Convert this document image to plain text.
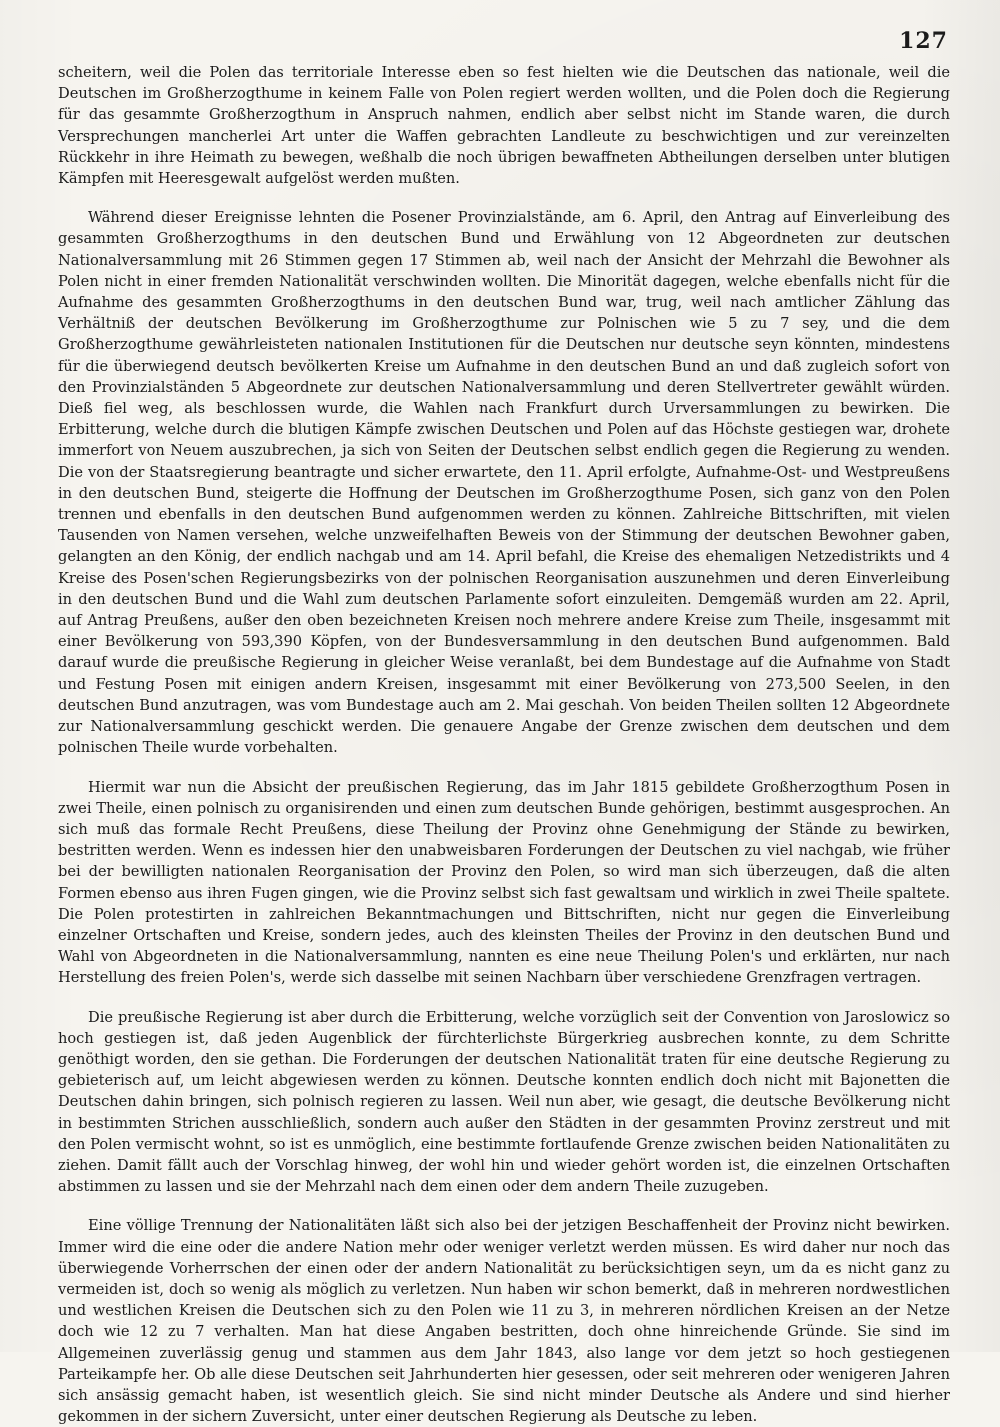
127

scheitern, weil die Polen das territoriale Interesse eben so fest hielten wie die Deutschen das nationale, weil die Deutschen im Großherzogthume in keinem Falle von Polen regiert werden wollten, und die Polen doch die Regierung für das gesammte Großherzogthum in Anspruch nahmen, endlich aber selbst nicht im Stande waren, die durch Versprechungen mancherlei Art unter die Waffen gebrachten Landleute zu beschwichtigen und zur vereinzelten Rückkehr in ihre Heimath zu bewegen, weßhalb die noch übrigen bewaffneten Abtheilungen derselben unter blutigen Kämpfen mit Heeresgewalt aufgelöst werden mußten.

Während dieser Ereignisse lehnten die Posener Provinzialstände, am 6. April, den Antrag auf Einverleibung des gesammten Großherzogthums in den deutschen Bund und Erwählung von 12 Abgeordneten zur deutschen Nationalversammlung mit 26 Stimmen gegen 17 Stimmen ab, weil nach der Ansicht der Mehrzahl die Bewohner als Polen nicht in einer fremden Nationalität verschwinden wollten. Die Minorität dagegen, welche ebenfalls nicht für die Aufnahme des gesammten Großherzogthums in den deutschen Bund war, trug, weil nach amtlicher Zählung das Verhältniß der deutschen Bevölkerung im Großherzogthume zur Polnischen wie 5 zu 7 sey, und die dem Großherzogthume gewährleisteten nationalen Institutionen für die Deutschen nur deutsche seyn könnten, mindestens für die überwiegend deutsch bevölkerten Kreise um Aufnahme in den deutschen Bund an und daß zugleich sofort von den Provinzialständen 5 Abgeordnete zur deutschen Nationalversammlung und deren Stellvertreter gewählt würden. Dieß fiel weg, als beschlossen wurde, die Wahlen nach Frankfurt durch Urversammlungen zu bewirken. Die Erbitterung, welche durch die blutigen Kämpfe zwischen Deutschen und Polen auf das Höchste gestiegen war, drohete immerfort von Neuem auszubrechen, ja sich von Seiten der Deutschen selbst endlich gegen die Regierung zu wenden. Die von der Staatsregierung beantragte und sicher erwartete, den 11. April erfolgte, Aufnahme-Ost- und Westpreußens in den deutschen Bund, steigerte die Hoffnung der Deutschen im Großherzogthume Posen, sich ganz von den Polen trennen und ebenfalls in den deutschen Bund aufgenommen werden zu können. Zahlreiche Bittschriften, mit vielen Tausenden von Namen versehen, welche unzweifelhaften Beweis von der Stimmung der deutschen Bewohner gaben, gelangten an den König, der endlich nachgab und am 14. April befahl, die Kreise des ehemaligen Netzedistrikts und 4 Kreise des Posen'schen Regierungsbezirks von der polnischen Reorganisation auszunehmen und deren Einverleibung in den deutschen Bund und die Wahl zum deutschen Parlamente sofort einzuleiten. Demgemäß wurden am 22. April, auf Antrag Preußens, außer den oben bezeichneten Kreisen noch mehrere andere Kreise zum Theile, insgesammt mit einer Bevölkerung von 593,390 Köpfen, von der Bundesversammlung in den deutschen Bund aufgenommen. Bald darauf wurde die preußische Regierung in gleicher Weise veranlaßt, bei dem Bundestage auf die Aufnahme von Stadt und Festung Posen mit einigen andern Kreisen, insgesammt mit einer Bevölkerung von 273,500 Seelen, in den deutschen Bund anzutragen, was vom Bundestage auch am 2. Mai geschah. Von beiden Theilen sollten 12 Abgeordnete zur Nationalversammlung geschickt werden. Die genauere Angabe der Grenze zwischen dem deutschen und dem polnischen Theile wurde vorbehalten.

Hiermit war nun die Absicht der preußischen Regierung, das im Jahr 1815 gebildete Großherzogthum Posen in zwei Theile, einen polnisch zu organisirenden und einen zum deutschen Bunde gehörigen, bestimmt ausgesprochen. An sich muß das formale Recht Preußens, diese Theilung der Provinz ohne Genehmigung der Stände zu bewirken, bestritten werden. Wenn es indessen hier den unabweisbaren Forderungen der Deutschen zu viel nachgab, wie früher bei der bewilligten nationalen Reorganisation der Provinz den Polen, so wird man sich überzeugen, daß die alten Formen ebenso aus ihren Fugen gingen, wie die Provinz selbst sich fast gewaltsam und wirklich in zwei Theile spaltete. Die Polen protestirten in zahlreichen Bekanntmachungen und Bittschriften, nicht nur gegen die Einverleibung einzelner Ortschaften und Kreise, sondern jedes, auch des kleinsten Theiles der Provinz in den deutschen Bund und Wahl von Abgeordneten in die Nationalversammlung, nannten es eine neue Theilung Polen's und erklärten, nur nach Herstellung des freien Polen's, werde sich dasselbe mit seinen Nachbarn über verschiedene Grenzfragen vertragen.

Die preußische Regierung ist aber durch die Erbitterung, welche vorzüglich seit der Convention von Jaroslowicz so hoch gestiegen ist, daß jeden Augenblick der fürchterlichste Bürgerkrieg ausbrechen konnte, zu dem Schritte genöthigt worden, den sie gethan. Die Forderungen der deutschen Nationalität traten für eine deutsche Regierung zu gebieterisch auf, um leicht abgewiesen werden zu können. Deutsche konnten endlich doch nicht mit Bajonetten die Deutschen dahin bringen, sich polnisch regieren zu lassen. Weil nun aber, wie gesagt, die deutsche Bevölkerung nicht in bestimmten Strichen ausschließlich, sondern auch außer den Städten in der gesammten Provinz zerstreut und mit den Polen vermischt wohnt, so ist es unmöglich, eine bestimmte fortlaufende Grenze zwischen beiden Nationalitäten zu ziehen. Damit fällt auch der Vorschlag hinweg, der wohl hin und wieder gehört worden ist, die einzelnen Ortschaften abstimmen zu lassen und sie der Mehrzahl nach dem einen oder dem andern Theile zuzugeben.

Eine völlige Trennung der Nationalitäten läßt sich also bei der jetzigen Beschaffenheit der Provinz nicht bewirken. Immer wird die eine oder die andere Nation mehr oder weniger verletzt werden müssen. Es wird daher nur noch das überwiegende Vorherrschen der einen oder der andern Nationalität zu berücksichtigen seyn, um da es nicht ganz zu vermeiden ist, doch so wenig als möglich zu verletzen. Nun haben wir schon bemerkt, daß in mehreren nordwestlichen und westlichen Kreisen die Deutschen sich zu den Polen wie 11 zu 3, in mehreren nördlichen Kreisen an der Netze doch wie 12 zu 7 verhalten. Man hat diese Angaben bestritten, doch ohne hinreichende Gründe. Sie sind im Allgemeinen zuverlässig genug und stammen aus dem Jahr 1843, also lange vor dem jetzt so hoch gestiegenen Parteikampfe her. Ob alle diese Deutschen seit Jahrhunderten hier gesessen, oder seit mehreren oder wenigeren Jahren sich ansässig gemacht haben, ist wesentlich gleich. Sie sind nicht minder Deutsche als Andere und sind hierher gekommen in der sichern Zuversicht, unter einer deutschen Regierung als Deutsche zu leben.
